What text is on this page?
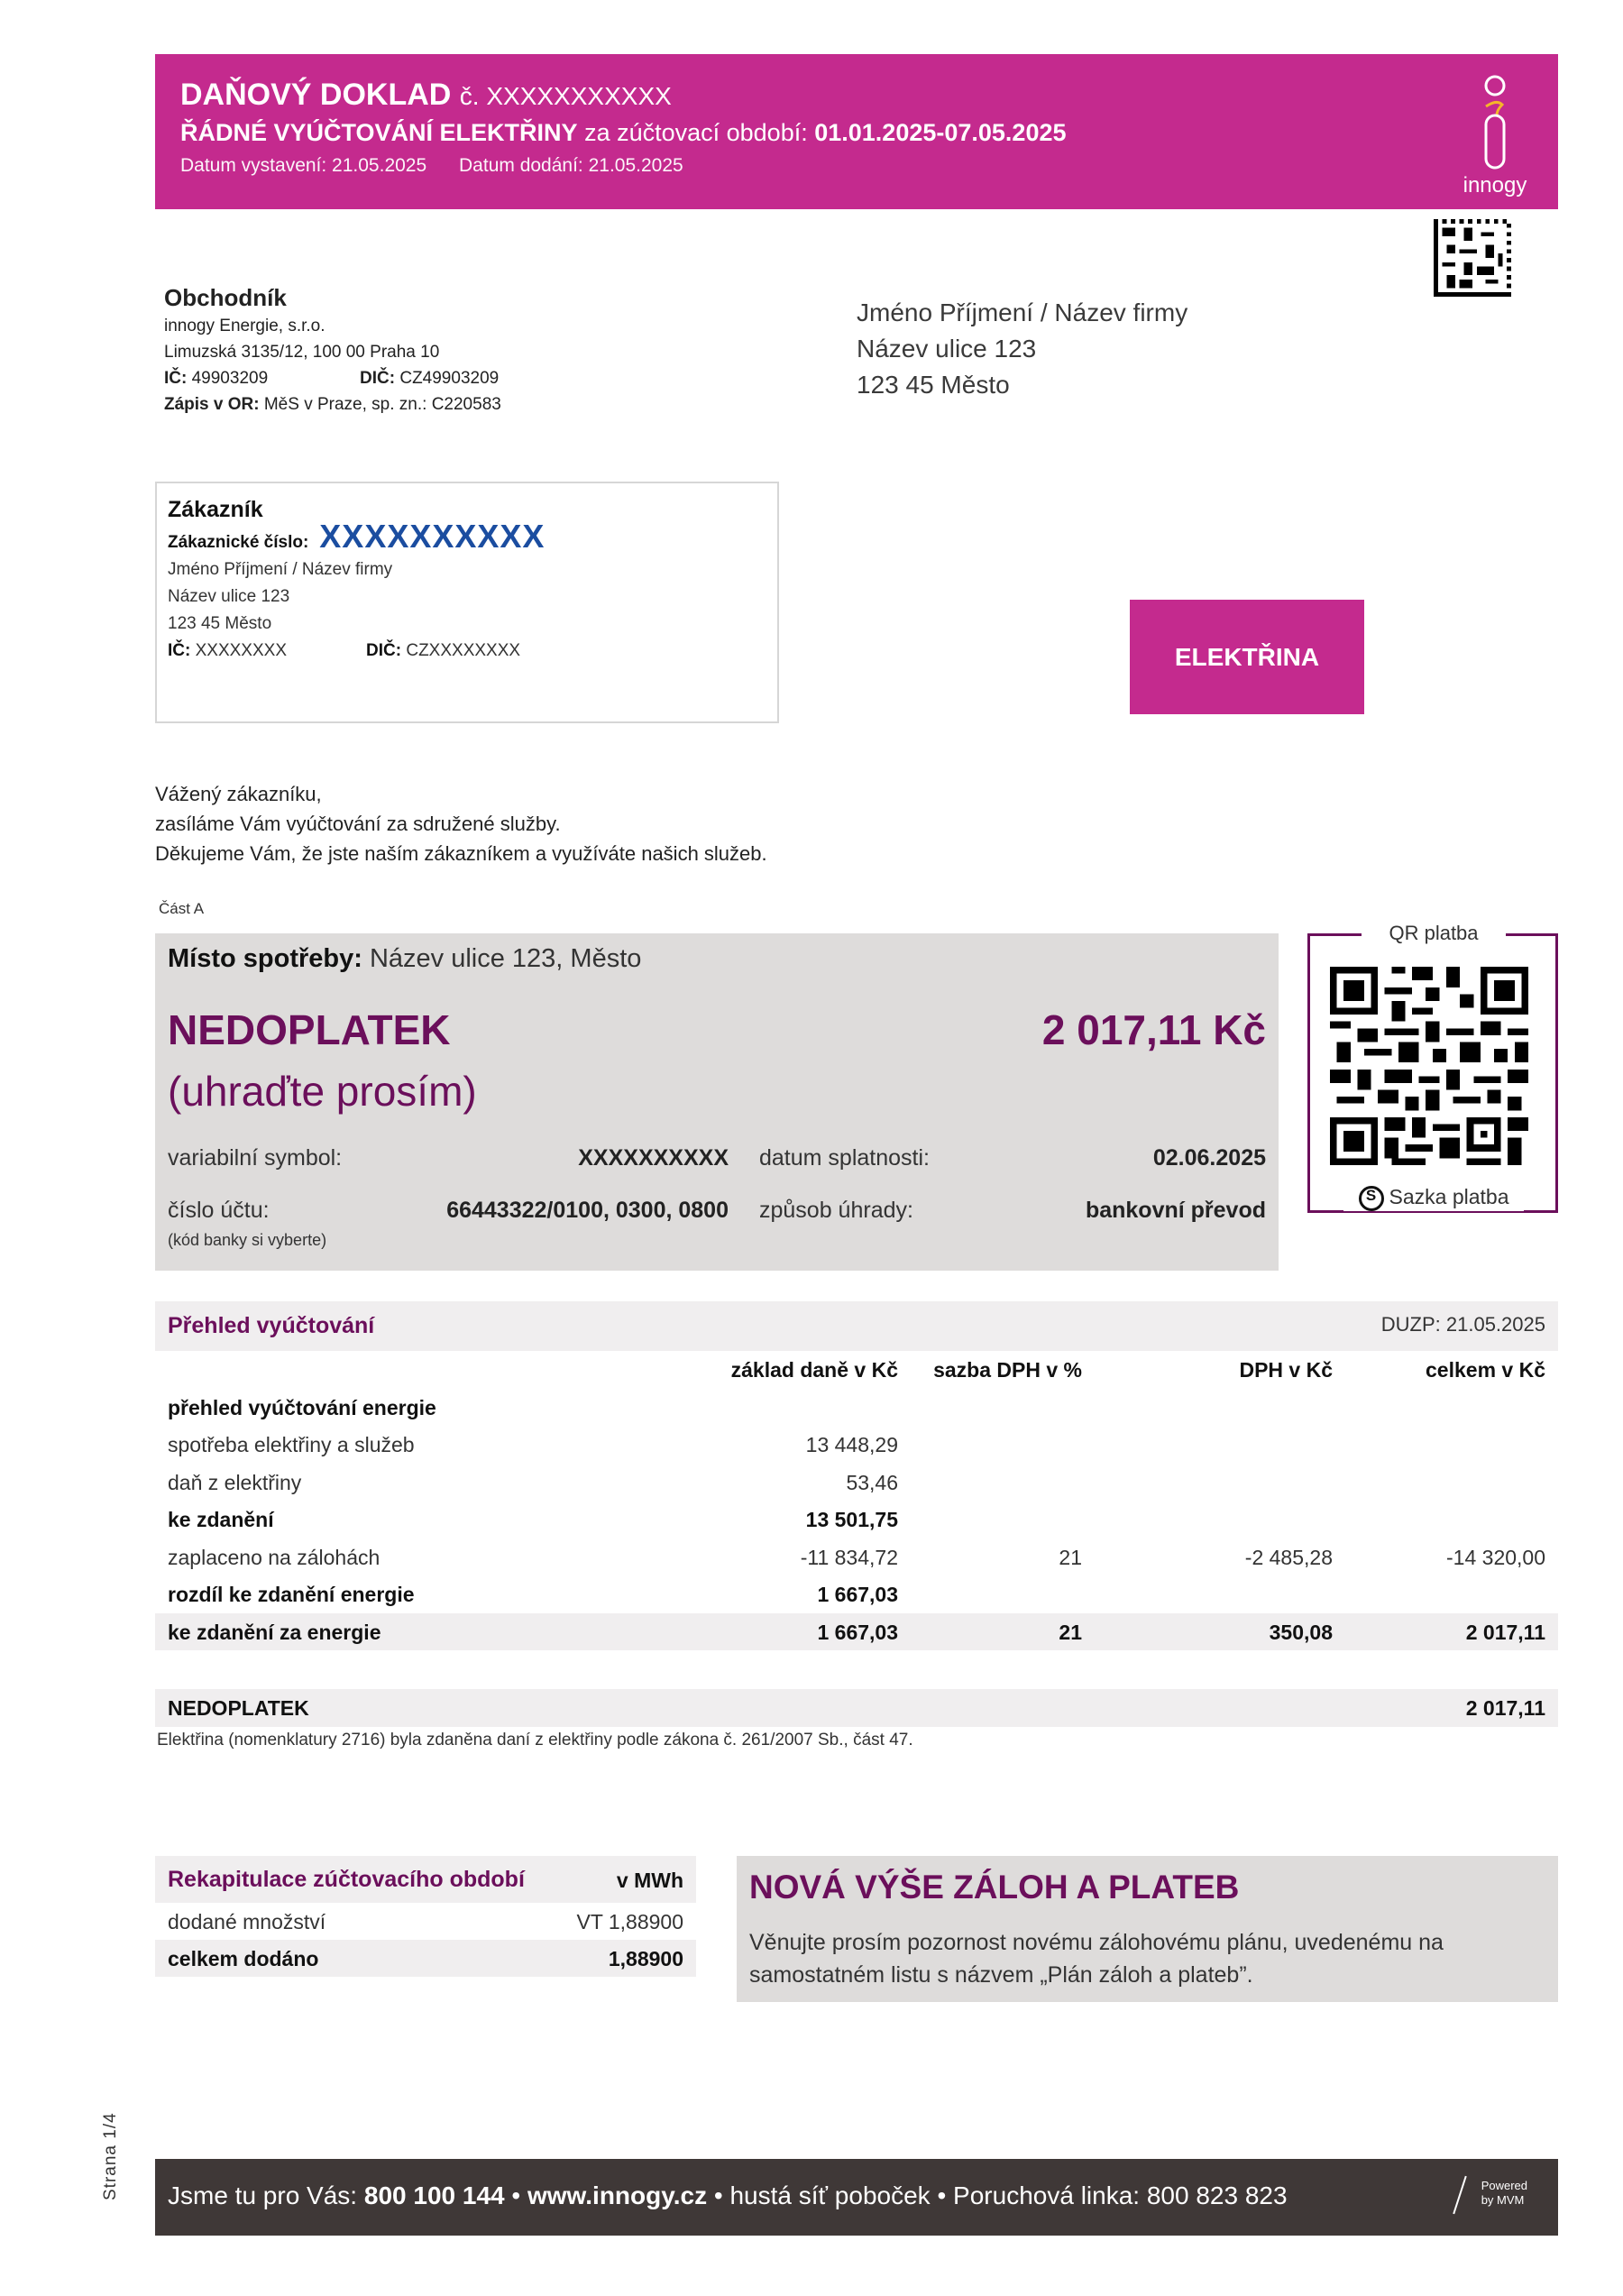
DAŇOVÝ DOKLAD č. XXXXXXXXXXX
ŘÁDNÉ VYÚČTOVÁNÍ ELEKTŘINY za zúčtovací období: 01.01.2025-07.05.2025
Datum vystavení: 21.05.2025 Datum dodání: 21.05.2025
innogy
Obchodník
innogy Energie, s.r.o.
Limuzská 3135/12, 100 00 Praha 10
IČ: 49903209	DIČ: CZ49903209
Zápis v OR: MěS v Praze, sp. zn.: C220583
Jméno Příjmení / Název firmy
Název ulice 123
123 45 Město
Zákazník
Zákaznické číslo: XXXXXXXXXX
Jméno Příjmení / Název firmy
Název ulice 123
123 45 Město
IČ: XXXXXXXX	DIČ: CZXXXXXXXX	ELEKTŘINA
Vážený zákazníku,
zasíláme Vám vyúčtování za sdružené služby.
Děkujeme Vám, že jste naším zákazníkem a využíváte našich služeb.
Část A
Místo spotřeby: Název ulice 123, Město
NEDOPLATEK	2 017,11 Kč
(uhraďte prosím)
variabilní symbol:	XXXXXXXXXX datum splatnosti:	02.06.2025
číslo účtu:	66443322/0100, 0300, 0800 způsob úhrady:	bankovní převod
(kód banky si vyberte)
QR platba
SSazka platba
Přehled vyúčtování	DUZP: 21.05.2025
základ daně v Kč sazba DPH v %	DPH v Kč	celkem v Kč
přehled vyúčtování energie
spotřeba elektřiny a služeb	13 448,29
daň z elektřiny	53,46
ke zdanění	13 501,75
zaplaceno na zálohách	-11 834,72	21	-2 485,28	-14 320,00
rozdíl ke zdanění energie	1 667,03
ke zdanění za energie	1 667,03	21	350,08	2 017,11
NEDOPLATEK	2 017,11
Elektřina (nomenklatury 2716) byla zdaněna daní z elektřiny podle zákona č. 261/2007 Sb., část 47.
Rekapitulace zúčtovacího období	v MWh
dodané množství	VT 1,88900
celkem dodáno	1,88900
NOVÁ VÝŠE ZÁLOH A PLATEB
Věnujte prosím pozornost novému zálohovému plánu, uvedenému na samostatném listu s názvem „Plán záloh a plateb”.
Strana 1/4 Jsme tu pro Vás: 800 100 144 • www.innogy.cz • hustá síť poboček • Poruchová linka: 800 823 823	Powered
by MVM
